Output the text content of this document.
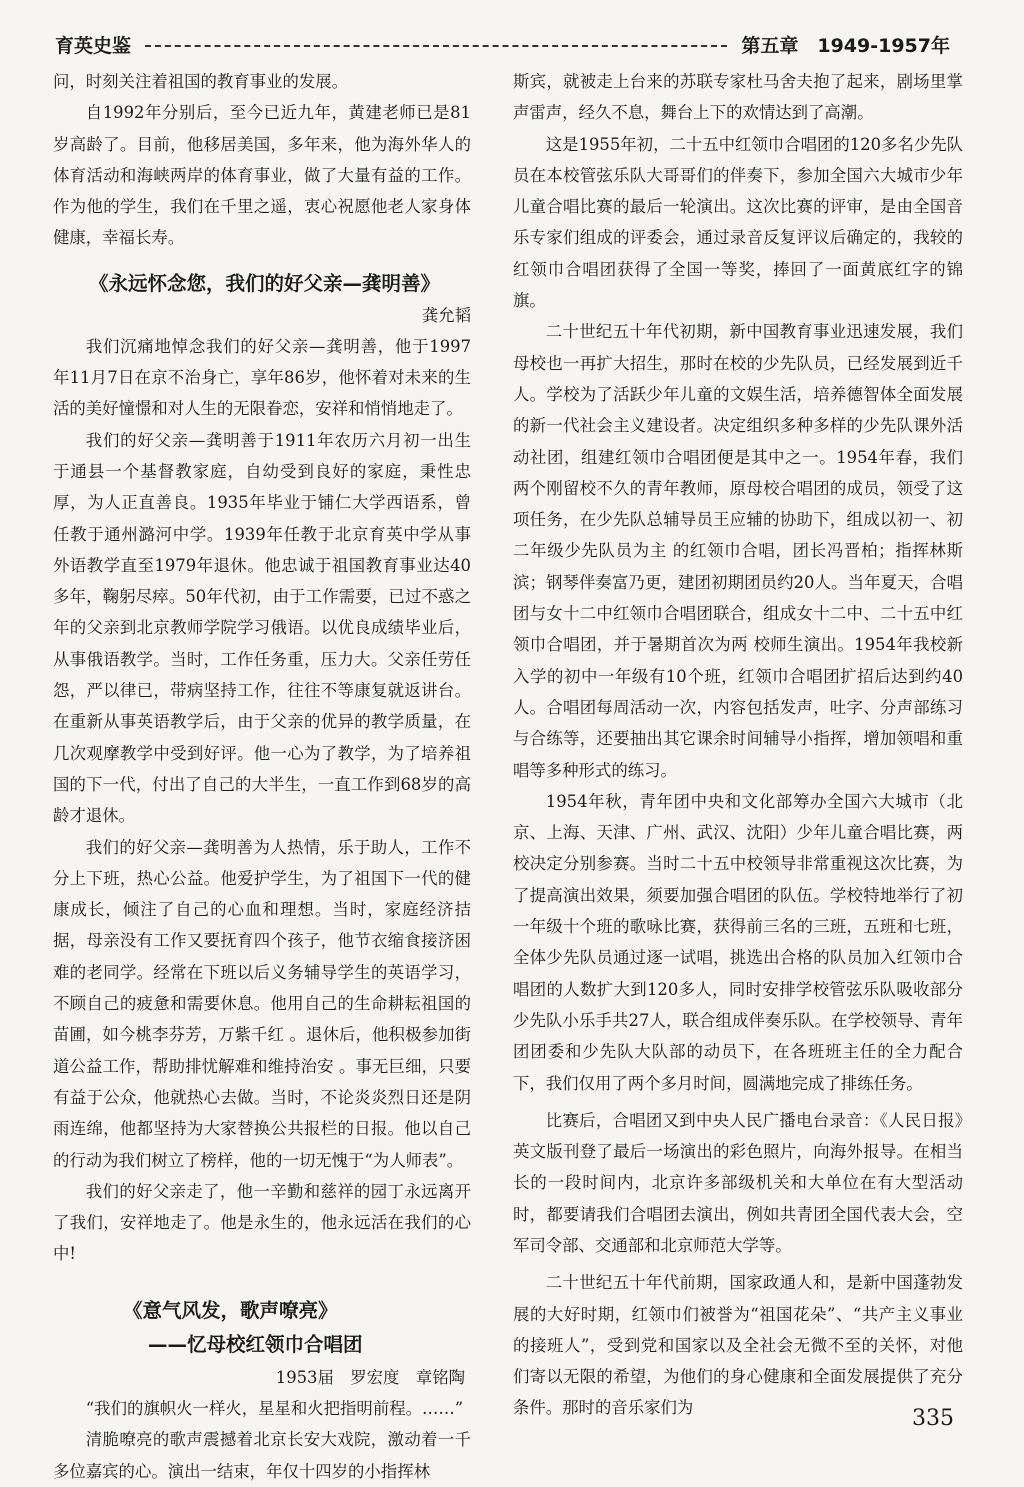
育英史鉴	第五章　1949-1957年

问，时刻关注着祖国的教育事业的发展。

自1992年分别后，至今已近九年，黄建老师已是81岁高龄了。目前，他移居美国，多年来，他为海外华人的体育活动和海峡两岸的体育事业，做了大量有益的工作。作为他的学生，我们在千里之遥，衷心祝愿他老人家身体健康，幸福长寿。

《永远怀念您，我们的好父亲—龚明善》

龚允韬

我们沉痛地悼念我们的好父亲—龚明善，他于1997年11月7日在京不治身亡，享年86岁，他怀着对未来的生活的美好憧憬和对人生的无限眷恋，安祥和悄悄地走了。

我们的好父亲—龚明善于1911年农历六月初一出生于通县一个基督教家庭，自幼受到良好的家庭，秉性忠厚，为人正直善良。1935年毕业于铺仁大学西语系，曾任教于通州潞河中学。1939年任教于北京育英中学从事外语教学直至1979年退休。他忠诚于祖国教育事业达40多年，鞠躬尽瘁。50年代初，由于工作需要，已过不惑之年的父亲到北京教师学院学习俄语。以优良成绩毕业后，从事俄语教学。当时，工作任务重，压力大。父亲任劳任怨，严以律已，带病坚持工作，往往不等康复就返讲台。在重新从事英语教学后，由于父亲的优异的教学质量，在几次观摩教学中受到好评。他一心为了教学，为了培养祖国的下一代，付出了自己的大半生，一直工作到68岁的高龄才退休。

我们的好父亲—龚明善为人热情，乐于助人，工作不分上下班，热心公益。他爱护学生，为了祖国下一代的健康成长，倾注了自己的心血和理想。当时，家庭经济拮据，母亲没有工作又要抚育四个孩子，他节衣缩食接济困难的老同学。经常在下班以后义务辅导学生的英语学习，不顾自己的疲惫和需要休息。他用自己的生命耕耘祖国的苗圃，如今桃李芬芳，万紫千红 。退休后，他积极参加街道公益工作，帮助排忧解难和维持治安 。事无巨细，只要有益于公众，他就热心去做。当时，不论炎炎烈日还是阴雨连绵，他都坚持为大家替换公共报栏的日报。他以自己的行动为我们树立了榜样，他的一切无愧于“为人师表”。

我们的好父亲走了，他一辛勤和慈祥的园丁永远离开了我们，安祥地走了。他是永生的，他永远活在我们的心中!

《意气风发，歌声嘹亮》
——忆母校红领巾合唱团

1953届　罗宏度　章铭陶

“我们的旗帜火一样火，星星和火把指明前程。……”

清脆嘹亮的歌声震撼着北京长安大戏院，激动着一千多位嘉宾的心。演出一结束，年仅十四岁的小指挥林

斯宾，就被走上台来的苏联专家杜马舍夫抱了起来，剧场里掌声雷声，经久不息，舞台上下的欢情达到了高潮。

这是1955年初，二十五中红领巾合唱团的120多名少先队员在本校管弦乐队大哥哥们的伴奏下，参加全国六大城市少年儿童合唱比赛的最后一轮演出。这次比赛的评审，是由全国音乐专家们组成的评委会，通过录音反复评议后确定的，我较的红领巾合唱团获得了全国一等奖，捧回了一面黄底红字的锦旗。

二十世纪五十年代初期，新中国教育事业迅速发展，我们母校也一再扩大招生，那时在校的少先队员，已经发展到近千人。学校为了活跃少年儿童的文娱生活，培养德智体全面发展的新一代社会主义建设者。决定组织多种多样的少先队课外活动社团，组建红领巾合唱团便是其中之一。1954年春，我们两个刚留校不久的青年教师，原母校合唱团的成员，领受了这项任务，在少先队总辅导员王应辅的协助下，组成以初一、初二年级少先队员为主 的红领巾合唱，团长冯晋柏；指挥林斯滨；钢琴伴奏富乃更，建团初期团员约20人。当年夏天，合唱团与女十二中红领巾合唱团联合，组成女十二中、二十五中红领巾合唱团，并于暑期首次为两 校师生演出。1954年我校新入学的初中一年级有10个班，红领巾合唱团扩招后达到约40人。合唱团每周活动一次，内容包括发声，吐字、分声部练习与合练等，还要抽出其它课余时间辅导小指挥，增加领唱和重唱等多种形式的练习。

1954年秋，青年团中央和文化部筹办全国六大城市（北京、上海、天津、广州、武汉、沈阳）少年儿童合唱比赛，两校决定分别参赛。当时二十五中校领导非常重视这次比赛，为了提高演出效果，须要加强合唱团的队伍。学校特地举行了初一年级十个班的歌咏比赛，获得前三名的三班，五班和七班，全体少先队员通过逐一试唱，挑选出合格的队员加入红领巾合唱团的人数扩大到120多人，同时安排学校管弦乐队吸收部分少先队小乐手共27人，联合组成伴奏乐队。在学校领导、青年团团委和少先队大队部的动员下，在各班班主任的全力配合下，我们仅用了两个多月时间，圆满地完成了排练任务。

比赛后，合唱团又到中央人民广播电台录音：《人民日报》英文版刊登了最后一场演出的彩色照片，向海外报导。在相当长的一段时间内，北京许多部级机关和大单位在有大型活动时，都要请我们合唱团去演出，例如共青团全国代表大会，空军司令部、交通部和北京师范大学等。

二十世纪五十年代前期，国家政通人和，是新中国蓬勃发展的大好时期，红领巾们被誉为“祖国花朵”、“共产主义事业的接班人”，受到党和国家以及全社会无微不至的关怀，对他们寄以无限的希望，为他们的身心健康和全面发展提供了充分条件。那时的音乐家们为	335
